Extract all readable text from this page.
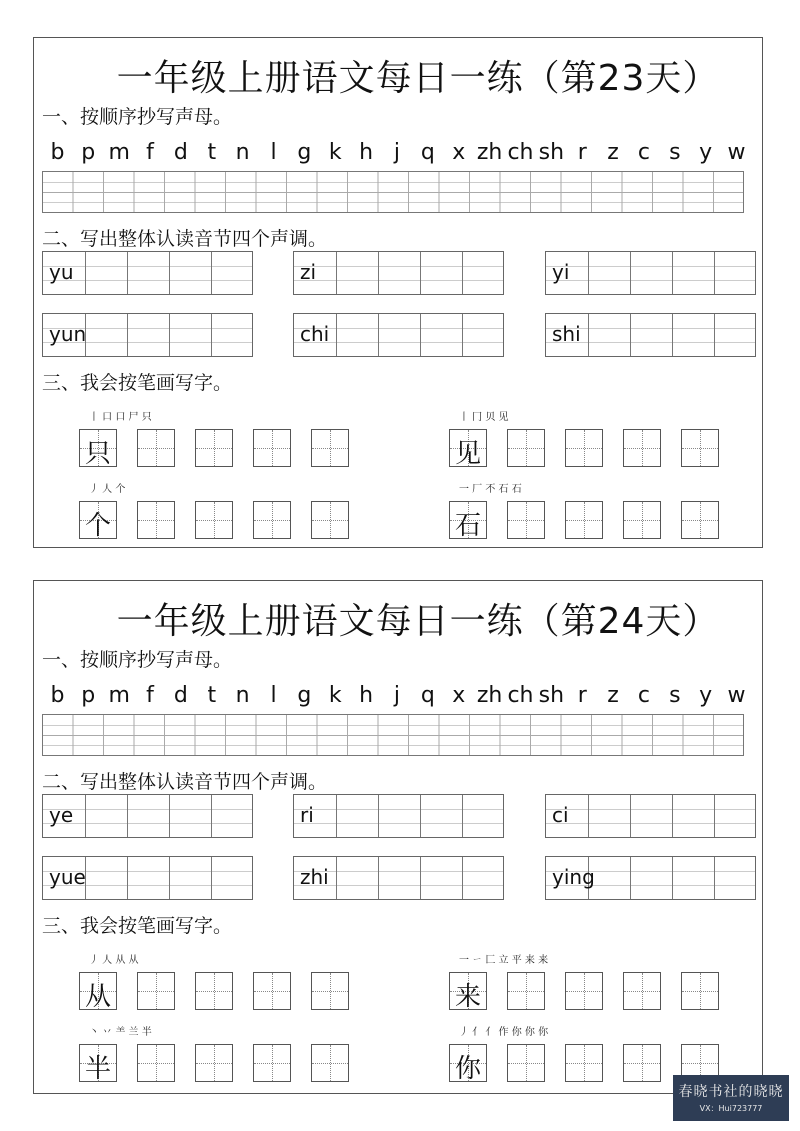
一年级上册语文每日一练（第23天）
一、按顺序抄写声母。
b p m f d t n l g k h j q x zh ch sh r z c s y w
二、写出整体认读音节四个声调。
yu	zi	yi
yun	chi	shi
三、我会按笔画写字。
丨 口 口 尸 只
只
丨 冂 贝 见
见
丿 人 个
个
一 厂 不 石 石
石
一年级上册语文每日一练（第24天）
一、按顺序抄写声母。
b p m f d t n l g k h j q x zh ch sh r z c s y w
二、写出整体认读音节四个声调。
ye	ri	ci
yue	zhi	ying
三、我会按笔画写字。
丿 人 从 从
从
一 ㄧ 匚 立 平 来 来
来
丶 丷 ⺷ 兰 半
半
丿 亻 亻 作 你 你 你
你
春晓书社的晓晓
VX：Hui723777
